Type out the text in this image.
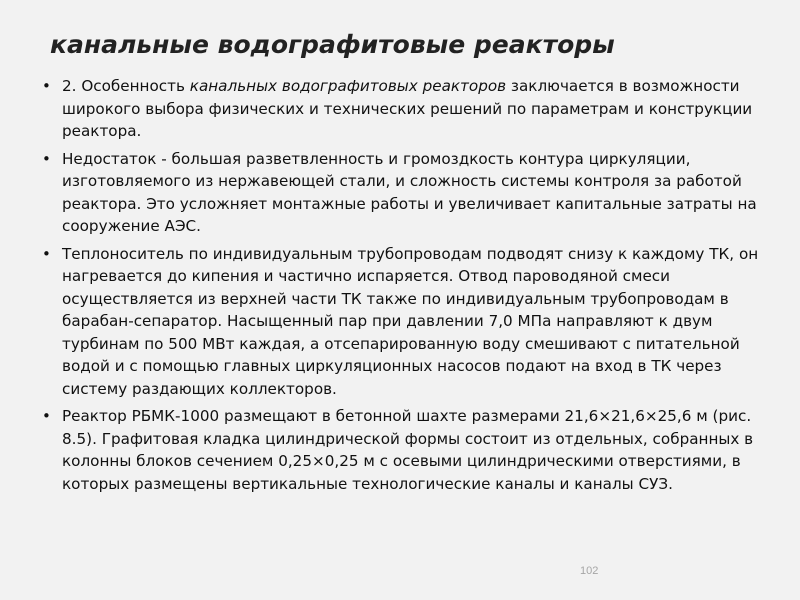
канальные водографитовые реакторы
• 2. Особенность канальных водографитовых реакторов заключается в возможности широкого выбора физических и технических решений по параметрам и конструкции реактора.
• Недостаток - большая разветвленность и громоздкость контура циркуляции, изготовляемого из нержавеющей стали, и сложность системы контроля за работой реактора. Это усложняет монтажные работы и увеличивает капитальные затраты на сооружение АЭС.
• Теплоноситель по индивидуальным трубопроводам подводят снизу к каждому ТК, он нагревается до кипения и частично испаряется. Отвод пароводяной смеси осуществляется из верхней части ТК также по индивидуальным трубопроводам в барабан-сепаратор. Насыщенный пар при давлении 7,0 МПа направляют к двум турбинам по 500 МВт каждая, а отсепарированную воду смешивают с питательной водой и с помощью главных циркуляционных насосов подают на вход в ТК через систему раздающих коллекторов.
• Реактор РБМК-1000 размещают в бетонной шахте размерами 21,6×21,6×25,6 м (рис. 8.5). Графитовая кладка цилиндрической формы состоит из отдельных, собранных в колонны блоков сечением 0,25×0,25 м с осевыми цилиндрическими отверстиями, в которых размещены вертикальные технологические каналы и каналы СУЗ.
102
